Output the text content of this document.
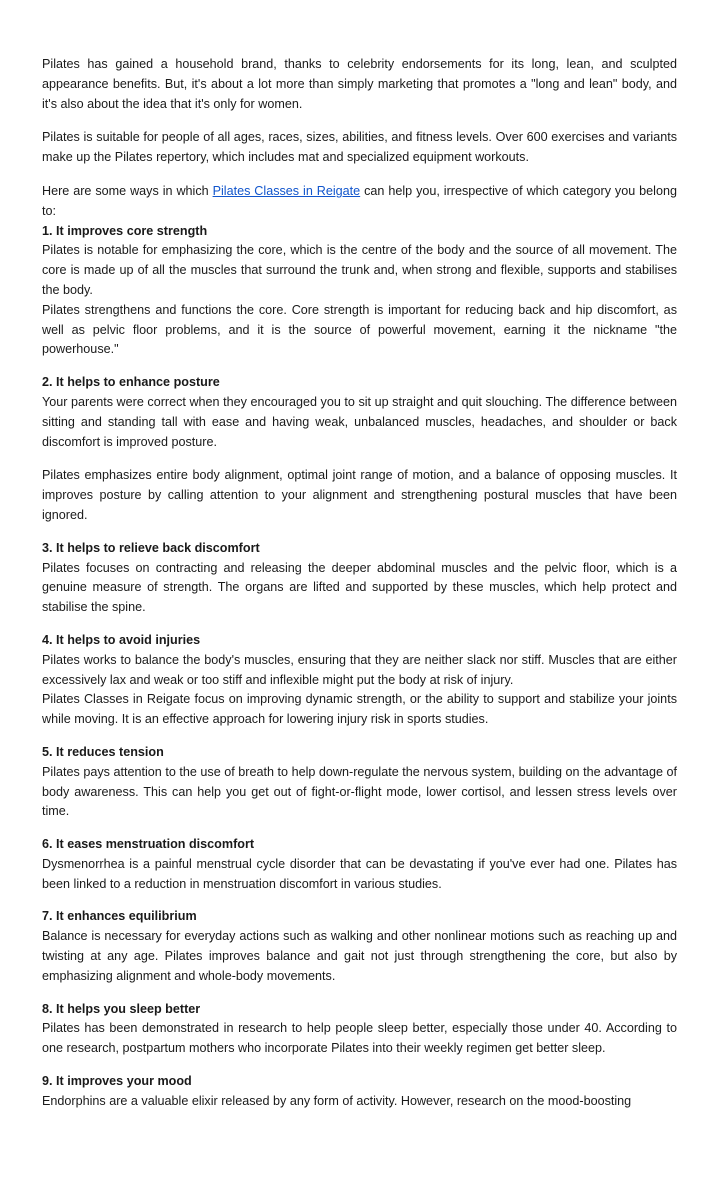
Pilates has gained a household brand, thanks to celebrity endorsements for its long, lean, and sculpted appearance benefits. But, it's about a lot more than simply marketing that promotes a "long and lean" body, and it's also about the idea that it's only for women.

Pilates is suitable for people of all ages, races, sizes, abilities, and fitness levels. Over 600 exercises and variants make up the Pilates repertory, which includes mat and specialized equipment workouts.

Here are some ways in which Pilates Classes in Reigate can help you, irrespective of which category you belong to:

1. It improves core strength

Pilates is notable for emphasizing the core, which is the centre of the body and the source of all movement. The core is made up of all the muscles that surround the trunk and, when strong and flexible, supports and stabilises the body.

Pilates strengthens and functions the core. Core strength is important for reducing back and hip discomfort, as well as pelvic floor problems, and it is the source of powerful movement, earning it the nickname "the powerhouse."

2. It helps to enhance posture

Your parents were correct when they encouraged you to sit up straight and quit slouching. The difference between sitting and standing tall with ease and having weak, unbalanced muscles, headaches, and shoulder or back discomfort is improved posture.

Pilates emphasizes entire body alignment, optimal joint range of motion, and a balance of opposing muscles. It improves posture by calling attention to your alignment and strengthening postural muscles that have been ignored.

3. It helps to relieve back discomfort

Pilates focuses on contracting and releasing the deeper abdominal muscles and the pelvic floor, which is a genuine measure of strength. The organs are lifted and supported by these muscles, which help protect and stabilise the spine.

4. It helps to avoid injuries

Pilates works to balance the body's muscles, ensuring that they are neither slack nor stiff. Muscles that are either excessively lax and weak or too stiff and inflexible might put the body at risk of injury.

Pilates Classes in Reigate focus on improving dynamic strength, or the ability to support and stabilize your joints while moving. It is an effective approach for lowering injury risk in sports studies.

5. It reduces tension

Pilates pays attention to the use of breath to help down-regulate the nervous system, building on the advantage of body awareness. This can help you get out of fight-or-flight mode, lower cortisol, and lessen stress levels over time.

6. It eases menstruation discomfort

Dysmenorrhea is a painful menstrual cycle disorder that can be devastating if you've ever had one. Pilates has been linked to a reduction in menstruation discomfort in various studies.

7. It enhances equilibrium

Balance is necessary for everyday actions such as walking and other nonlinear motions such as reaching up and twisting at any age. Pilates improves balance and gait not just through strengthening the core, but also by emphasizing alignment and whole-body movements.

8. It helps you sleep better

Pilates has been demonstrated in research to help people sleep better, especially those under 40. According to one research, postpartum mothers who incorporate Pilates into their weekly regimen get better sleep.

9. It improves your mood

Endorphins are a valuable elixir released by any form of activity. However, research on the mood-boosting
